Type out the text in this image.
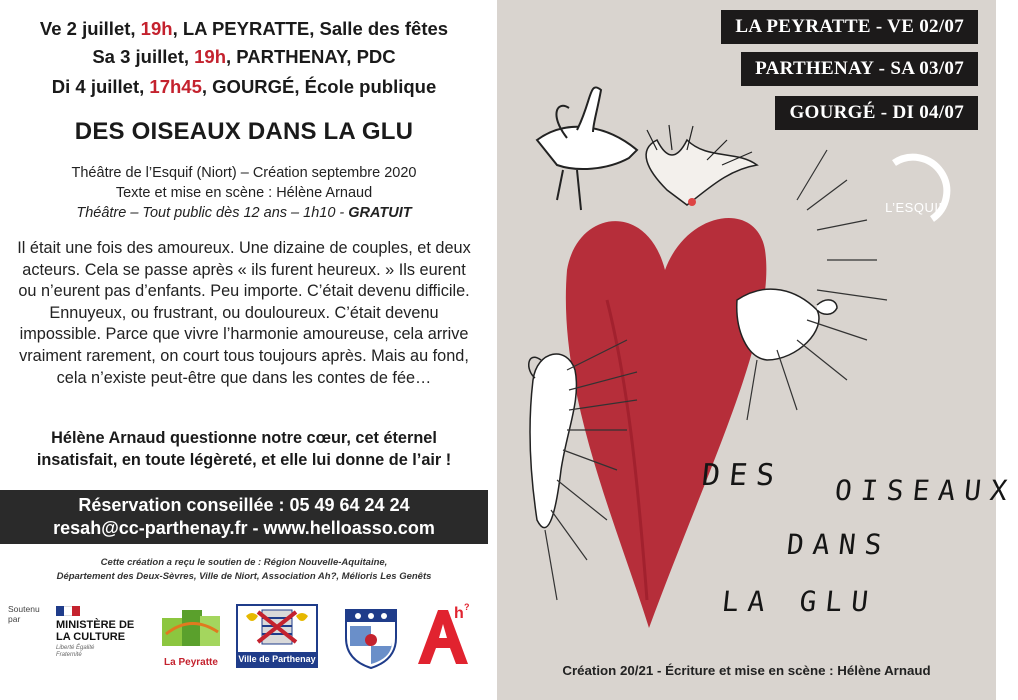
Ve 2 juillet, 19h, LA PEYRATTE, Salle des fêtes
Sa 3 juillet, 19h, PARTHENAY, PDC
Di 4 juillet, 17h45, GOURGÉ, École publique
DES OISEAUX DANS LA GLU
Théâtre de l’Esquif (Niort) – Création septembre 2020
Texte et mise en scène : Hélène Arnaud
Théâtre – Tout public dès 12 ans – 1h10 - GRATUIT
Il était une fois des amoureux. Une dizaine de couples, et deux acteurs. Cela se passe après « ils furent heureux. » Ils eurent ou n’eurent pas d’enfants. Peu importe. C’était devenu difficile. Ennuyeux, ou frustrant, ou douloureux. C’était devenu impossible. Parce que vivre l’harmonie amoureuse, cela arrive vraiment rarement, on court tous toujours après. Mais au fond, cela n’existe peut-être que dans les contes de fée…
Hélène Arnaud questionne notre cœur, cet éternel insatisfait, en toute légèreté, et elle lui donne de l’air !
Réservation conseillée : 05 49 64 24 24
resah@cc-parthenay.fr - www.helloasso.com
Cette création a reçu le soutien de : Région Nouvelle-Aquitaine,
Département des Deux-Sèvres, Ville de Niort, Association Ah?, Mélioris Les Genêts
Soutenu par	MINISTÈRE DE LA CULTURE
Liberté Égalité Fraternité
La Peyratte	Ville de Parthenay
h ?
LA PEYRATTE - VE 02/07
PARTHENAY - SA 03/07
GOURGÉ - DI 04/07
L’ESQUIF
DES OISEAUX
DANS
LA GLU
Création 20/21 - Écriture et mise en scène : Hélène Arnaud
